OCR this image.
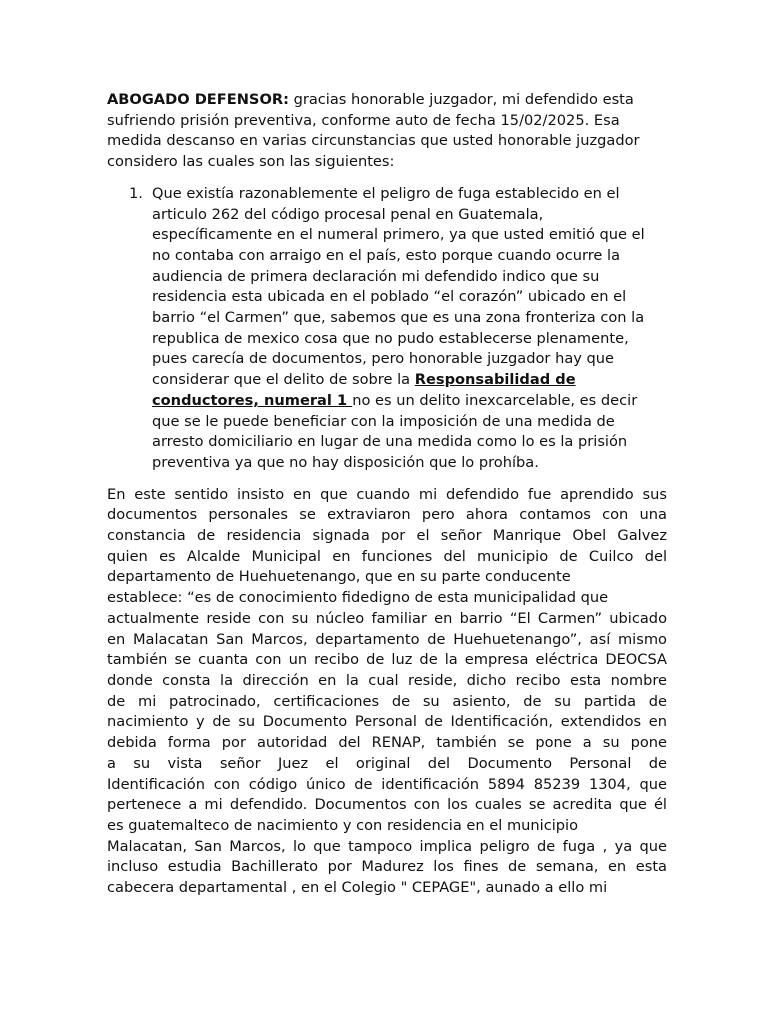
ABOGADO DEFENSOR: gracias honorable juzgador, mi defendido esta sufriendo prisión preventiva, conforme auto de fecha 15/02/2025. Esa medida descanso en varias circunstancias que usted honorable juzgador considero las cuales son las siguientes:

1. Que existía razonablemente el peligro de fuga establecido en el articulo 262 del código procesal penal en Guatemala, específicamente en el numeral primero, ya que usted emitió que el no contaba con arraigo en el país, esto porque cuando ocurre la audiencia de primera declaración mi defendido indico que su residencia esta ubicada en el poblado “el corazón” ubicado en el barrio “el Carmen” que, sabemos que es una zona fronteriza con la republica de mexico cosa que no pudo establecerse plenamente, pues carecía de documentos, pero honorable juzgador hay que considerar que el delito de sobre la Responsabilidad de conductores, numeral 1 no es un delito inexcarcelable, es decir que se le puede beneficiar con la imposición de una medida de arresto domiciliario en lugar de una medida como lo es la prisión preventiva ya que no hay disposición que lo prohíba.

En este sentido insisto en que cuando mi defendido fue aprendido sus
documentos personales se extraviaron pero ahora contamos con una
constancia de residencia signada por el señor Manrique Obel Galvez
quien es Alcalde Municipal en funciones del municipio de Cuilco del
departamento de Huehuetenango, que en su parte conducente
establece: “es de conocimiento fidedigno de esta municipalidad que
actualmente reside con su núcleo familiar en barrio “El Carmen” ubicado
en Malacatan San Marcos, departamento de Huehuetenango”, así mismo
también se cuanta con un recibo de luz de la empresa eléctrica DEOCSA
donde consta la dirección en la cual reside, dicho recibo esta nombre
de mi patrocinado, certificaciones de su asiento, de su partida de
nacimiento y de su Documento Personal de Identificación, extendidos en
debida forma por autoridad del RENAP, también se pone a su pone
a su vista señor Juez el original del Documento Personal de
Identificación con código único de identificación 5894 85239 1304, que
pertenece a mi defendido. Documentos con los cuales se acredita que él
es guatemalteco de nacimiento y con residencia en el municipio
Malacatan, San Marcos, lo que tampoco implica peligro de fuga , ya que
incluso estudia Bachillerato por Madurez los fines de semana, en esta
cabecera departamental , en el Colegio " CEPAGE", aunado a ello mi
